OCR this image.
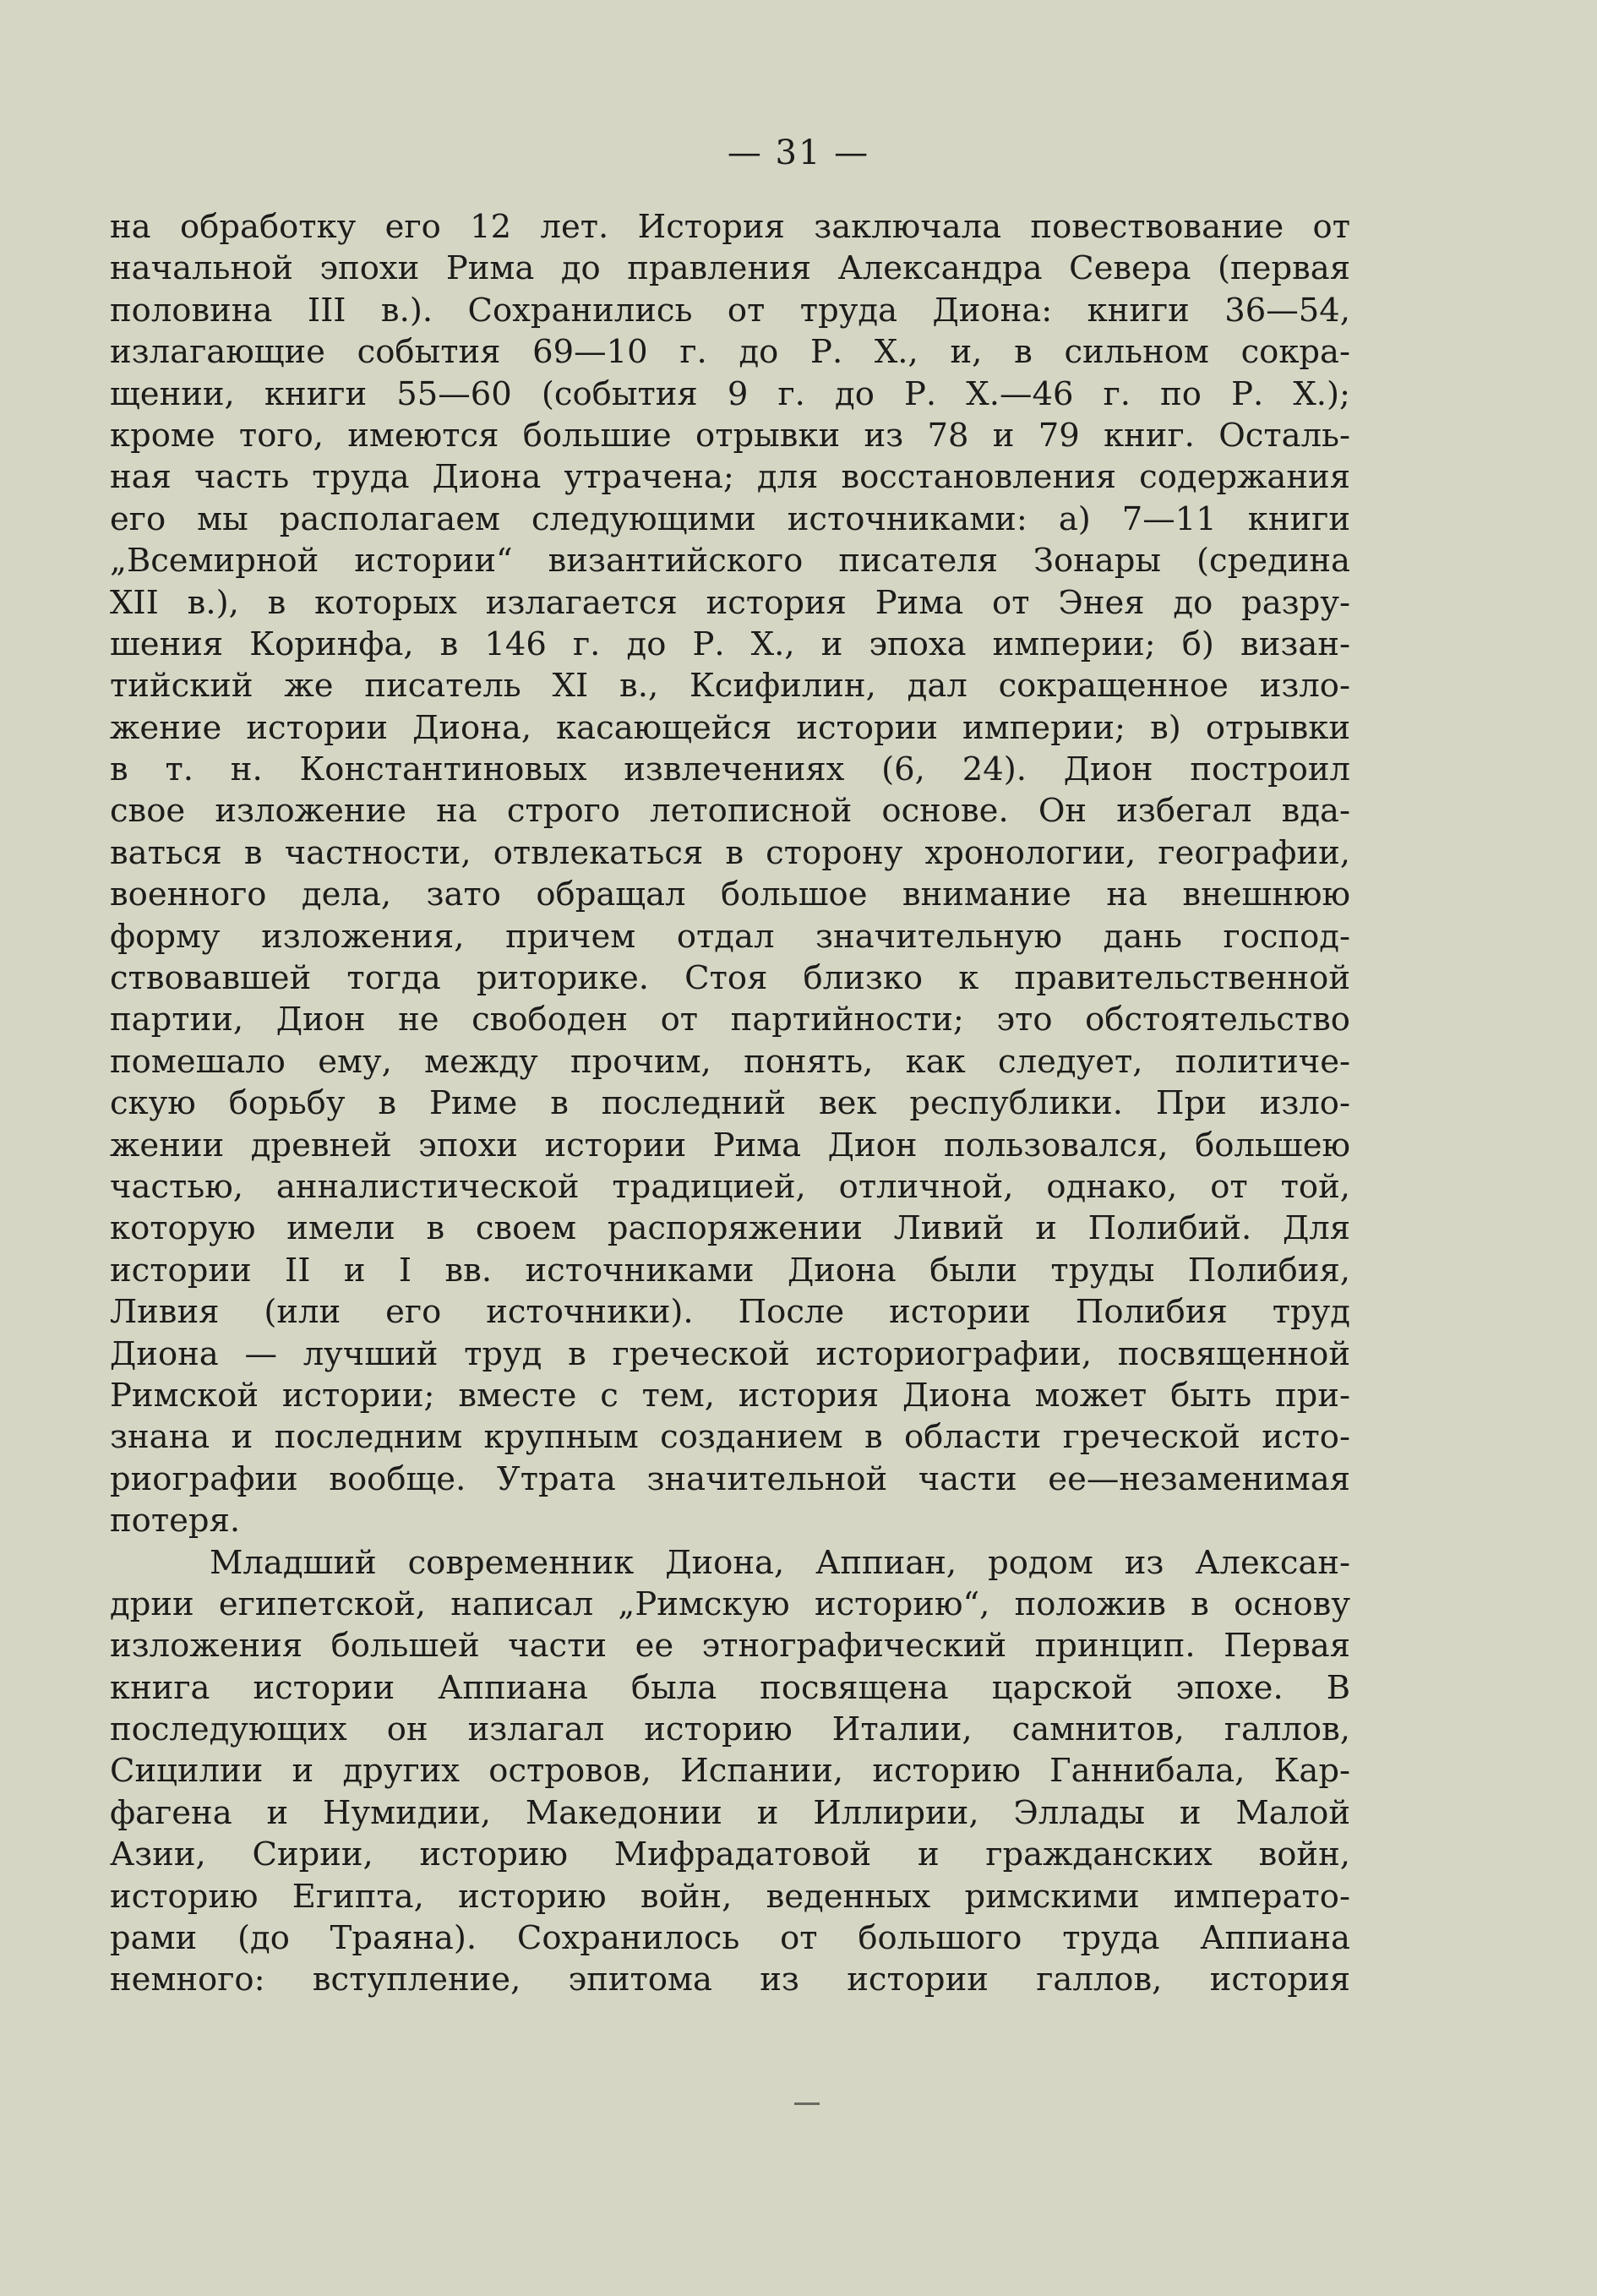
— 31 —
на обработку его 12 лет. История заключала повествование от
начальной эпохи Рима до правления Александра Севера (первая
половина III в.). Сохранились от труда Диона: книги 36—54,
излагающие события 69—10 г. до Р. Х., и, в сильном сокра-
щении, книги 55—60 (события 9 г. до Р. Х.—46 г. по Р. Х.);
кроме того, имеются большие отрывки из 78 и 79 книг. Осталь-
ная часть труда Диона утрачена; для восстановления содержания
его мы располагаем следующими источниками: а) 7—11 книги
„Всемирной истории“ византийского писателя Зонары (средина
XII в.), в которых излагается история Рима от Энея до разру-
шения Коринфа, в 146 г. до Р. Х., и эпоха империи; б) визан-
тийский же писатель XI в., Ксифилин, дал сокращенное изло-
жение истории Диона, касающейся истории империи; в) отрывки
в т. н. Константиновых извлечениях (6, 24). Дион построил
свое изложение на строго летописной основе. Он избегал вда-
ваться в частности, отвлекаться в сторону хронологии, географии,
военного дела, зато обращал большое внимание на внешнюю
форму изложения, причем отдал значительную дань господ-
ствовавшей тогда риторике. Стоя близко к правительственной
партии, Дион не свободен от партийности; это обстоятельство
помешало ему, между прочим, понять, как следует, политиче-
скую борьбу в Риме в последний век республики. При изло-
жении древней эпохи истории Рима Дион пользовался, большею
частью, анналистической традицией, отличной, однако, от той,
которую имели в своем распоряжении Ливий и Полибий. Для
истории II и I вв. источниками Диона были труды Полибия,
Ливия (или его источники). После истории Полибия труд
Диона — лучший труд в греческой историографии, посвященной
Римской истории; вместе с тем, история Диона может быть при-
знана и последним крупным созданием в области греческой исто-
риографии вообще. Утрата значительной части ее—незаменимая
потеря.
Младший современник Диона, Аппиан, родом из Алексан-
дрии египетской, написал „Римскую историю“, положив в основу
изложения большей части ее этнографический принцип. Первая
книга истории Аппиана была посвящена царской эпохе. В
последующих он излагал историю Италии, самнитов, галлов,
Сицилии и других островов, Испании, историю Ганнибала, Кар-
фагена и Нумидии, Македонии и Иллирии, Эллады и Малой
Азии, Сирии, историю Мифрадатовой и гражданских войн,
историю Египта, историю войн, веденных римскими императо-
рами (до Траяна). Сохранилось от большого труда Аппиана
немного: вступление, эпитома из истории галлов, история
